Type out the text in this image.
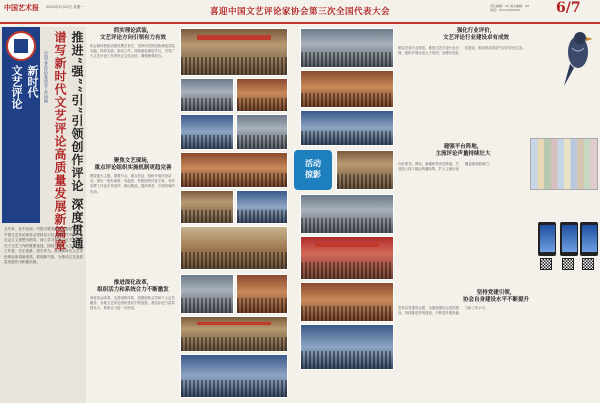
中国艺术报 2024年5月20日 星期一	喜迎中国文艺评论家协会第三次全国代表大会
责任编辑：XX 美术编辑：XX
电话：010-XXXXXXX	6/7
新时代
文艺评论	中国文艺评论家协会工作回顾 谱写新时代文艺评论高质量发展新篇章 推进“强”“引”引领创作评论 深度贯通
五年来，在中宣部、中国文联党组的坚强领导下，中国文艺评论家协会坚持以习近平新时代中国特色社会主义思想为指导，深入学习贯彻习近平总书记关于文艺工作的重要论述，团结引领广大文艺评论工作者，守正创新、担当作为，推动新时代文艺评论事业取得新成绩，展现新气象，为推动文艺高质量发展作出积极贡献。
抓实理论武装，
文艺评论方向引领有力有效
协会始终把政治建设摆在首位，坚持用党的创新理论武装头脑、指导实践、推动工作，持续深化理论学习，引导广大文艺评论工作者坚定文化自信，增强使命担当。
聚焦文艺现场，
重点评论组织实施机制更趋完善
围绕重大主题、重要节点、重点作品，组织开展评论活动，推出一批有深度、有温度、有锐度的评论文章，有效发挥了评论引导创作、推出精品、提高审美、引领风尚的作用。
推进深化改革，
组织活力和系统合力不断激发
深化协会改革，完善组织体系，加强团体会员和个人会员服务，各地文艺评论组织建设不断加强，基层评论力量持续壮大，系统合力进一步形成。
活动
掠影
强化行业评价，
文艺评论行业建设卓有成效
制定完善行业规范，推进文艺评论行业自律，组织开展评论人才培训，加强评论队伍建设，推动形成风清气正的评论生态。
建强平台阵地，
主流评论声量持续壮大
办好报刊、网站、新媒体等评论阵地，打造线上线下融合传播矩阵，扩大主流评论覆盖面和影响力。
坚持党建引领，
协会自身建设水平不断提升
坚持以党建带会建，全面加强协会党的建设，持续推进作风建设，不断提升服务能力和工作水平。
